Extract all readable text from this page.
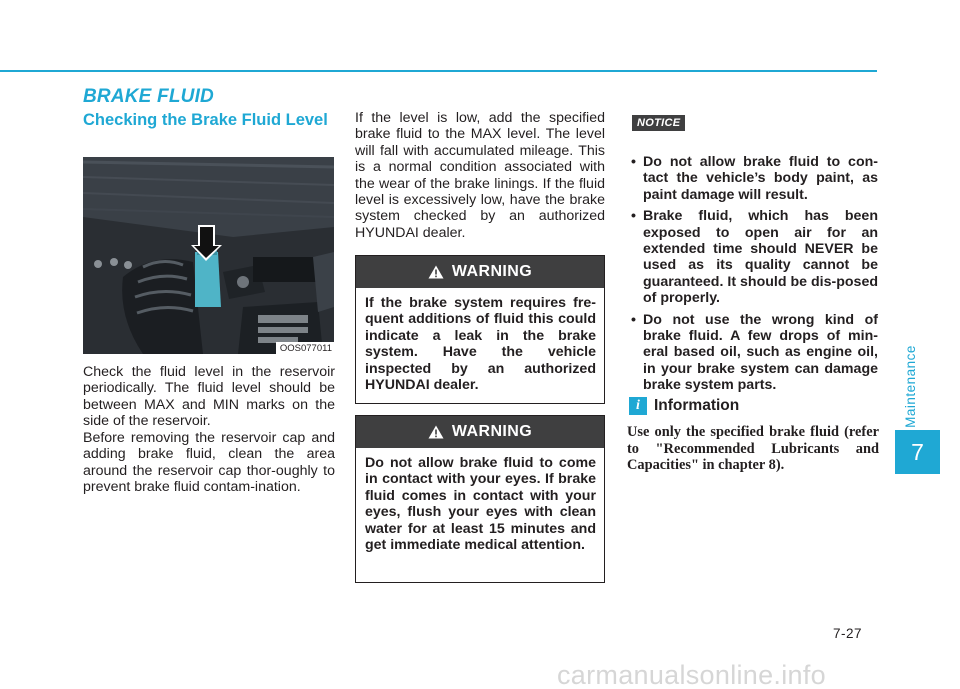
BRAKE FLUID
Checking the Brake Fluid Level
OOS077011

Check the fluid level in the reservoir periodically. The fluid level should be between MAX and MIN marks on the side of the reservoir.

Before removing the reservoir cap and adding brake fluid, clean the area around the reservoir cap thor-oughly to prevent brake fluid contam-ination.

If the level is low, add the specified brake fluid to the MAX level. The level will fall with accumulated mileage. This is a normal condition associated with the wear of the brake linings. If the fluid level is excessively low, have the brake system checked by an authorized HYUNDAI dealer.

WARNING
If the brake system requires fre-quent additions of fluid this could indicate a leak in the brake system. Have the vehicle inspected by an authorized HYUNDAI dealer.
WARNING
Do not allow brake fluid to come in contact with your eyes. If brake fluid comes in contact with your eyes, flush your eyes with clean water for at least 15 minutes and get immediate medical attention.
NOTICE
• Do not allow brake fluid to con-tact the vehicle’s body paint, as paint damage will result.
• Brake fluid, which has been exposed to open air for an extended time should NEVER be used as its quality cannot be guaranteed. It should be dis-posed of properly.
• Do not use the wrong kind of brake fluid. A few drops of min-eral based oil, such as engine oil, in your brake system can damage brake system parts.
i Information

Use only the specified brake fluid (refer to "Recommended Lubricants and Capacities" in chapter 8).

Maintenance
7
7-27
carmanualsonline.info
